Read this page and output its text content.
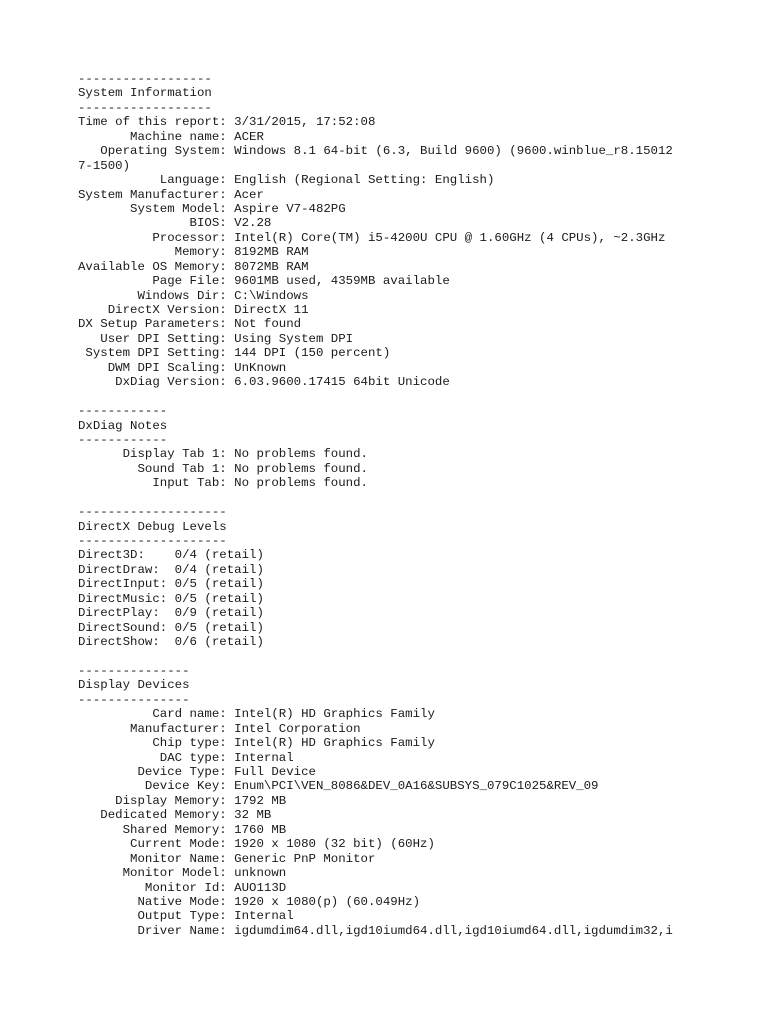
------------------
System Information
------------------
Time of this report: 3/31/2015, 17:52:08
Machine name: ACER
Operating System: Windows 8.1 64-bit (6.3, Build 9600) (9600.winblue_r8.15012
7-1500)
Language: English (Regional Setting: English)
System Manufacturer: Acer
System Model: Aspire V7-482PG
BIOS: V2.28
Processor: Intel(R) Core(TM) i5-4200U CPU @ 1.60GHz (4 CPUs), ~2.3GHz
Memory: 8192MB RAM
Available OS Memory: 8072MB RAM
Page File: 9601MB used, 4359MB available
Windows Dir: C:\Windows
DirectX Version: DirectX 11
DX Setup Parameters: Not found
User DPI Setting: Using System DPI
System DPI Setting: 144 DPI (150 percent)
DWM DPI Scaling: UnKnown
DxDiag Version: 6.03.9600.17415 64bit Unicode
------------
DxDiag Notes
------------
Display Tab 1: No problems found.
Sound Tab 1: No problems found.
Input Tab: No problems found.
--------------------
DirectX Debug Levels
--------------------
Direct3D:    0/4 (retail)
DirectDraw:  0/4 (retail)
DirectInput: 0/5 (retail)
DirectMusic: 0/5 (retail)
DirectPlay:  0/9 (retail)
DirectSound: 0/5 (retail)
DirectShow:  0/6 (retail)
---------------
Display Devices
---------------
Card name: Intel(R) HD Graphics Family
Manufacturer: Intel Corporation
Chip type: Intel(R) HD Graphics Family
DAC type: Internal
Device Type: Full Device
Device Key: Enum\PCI\VEN_8086&DEV_0A16&SUBSYS_079C1025&REV_09
Display Memory: 1792 MB
Dedicated Memory: 32 MB
Shared Memory: 1760 MB
Current Mode: 1920 x 1080 (32 bit) (60Hz)
Monitor Name: Generic PnP Monitor
Monitor Model: unknown
Monitor Id: AUO113D
Native Mode: 1920 x 1080(p) (60.049Hz)
Output Type: Internal
Driver Name: igdumdim64.dll,igd10iumd64.dll,igd10iumd64.dll,igdumdim32,i
